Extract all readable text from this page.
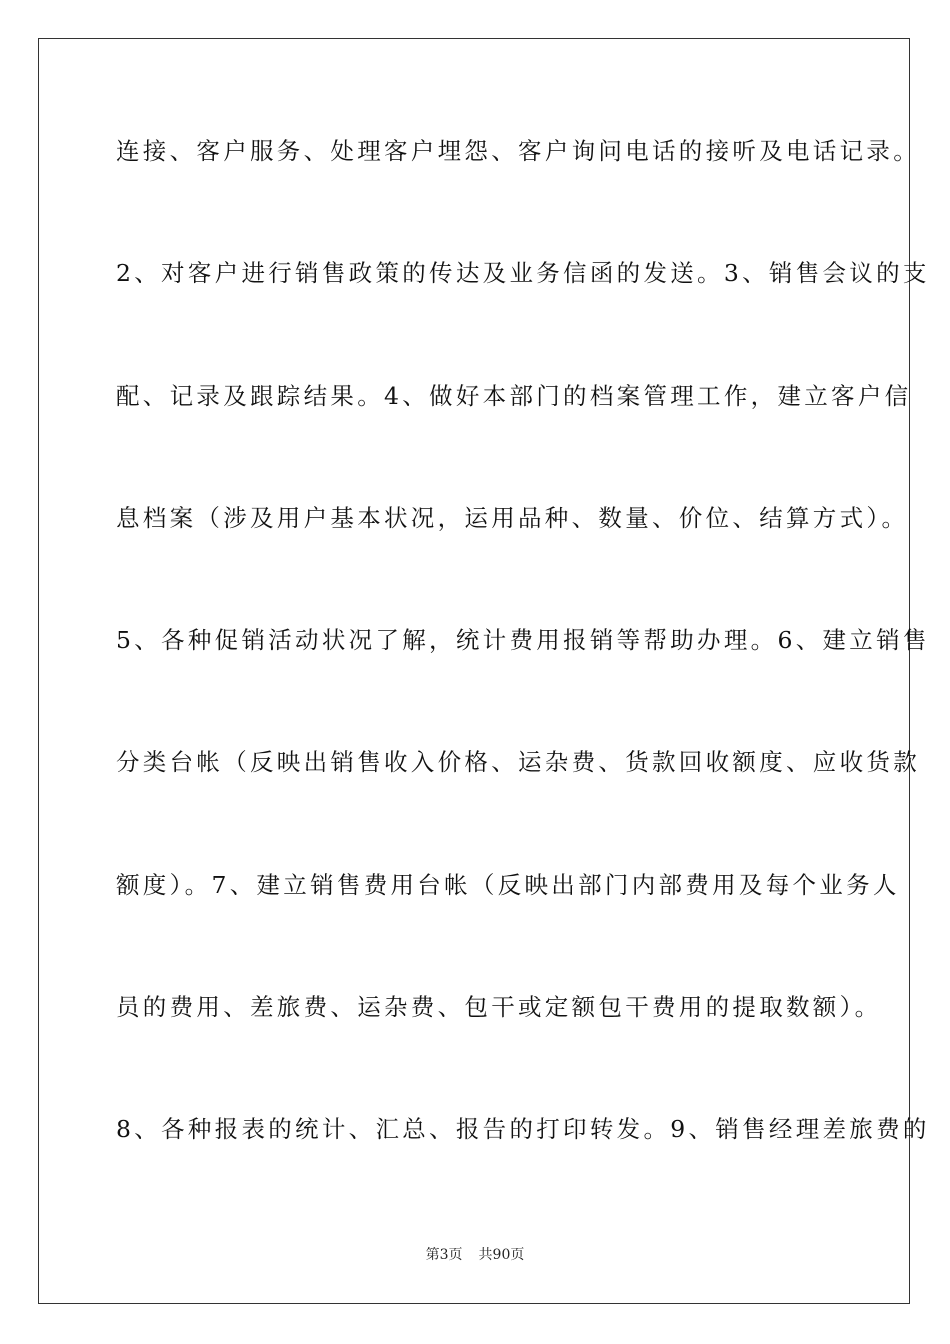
连接、客户服务、处理客户埋怨、客户询问电话的接听及电话记录。
2、对客户进行销售政策的传达及业务信函的发送。3、销售会议的支
配、记录及跟踪结果。4、做好本部门的档案管理工作，建立客户信
息档案（涉及用户基本状况，运用品种、数量、价位、结算方式）。
5、各种促销活动状况了解，统计费用报销等帮助办理。6、建立销售
分类台帐（反映出销售收入价格、运杂费、货款回收额度、应收货款
额度）。7、建立销售费用台帐（反映出部门内部费用及每个业务人
员的费用、差旅费、运杂费、包干或定额包干费用的提取数额）。
8、各种报表的统计、汇总、报告的打印转发。9、销售经理差旅费的
第3页 共90页
